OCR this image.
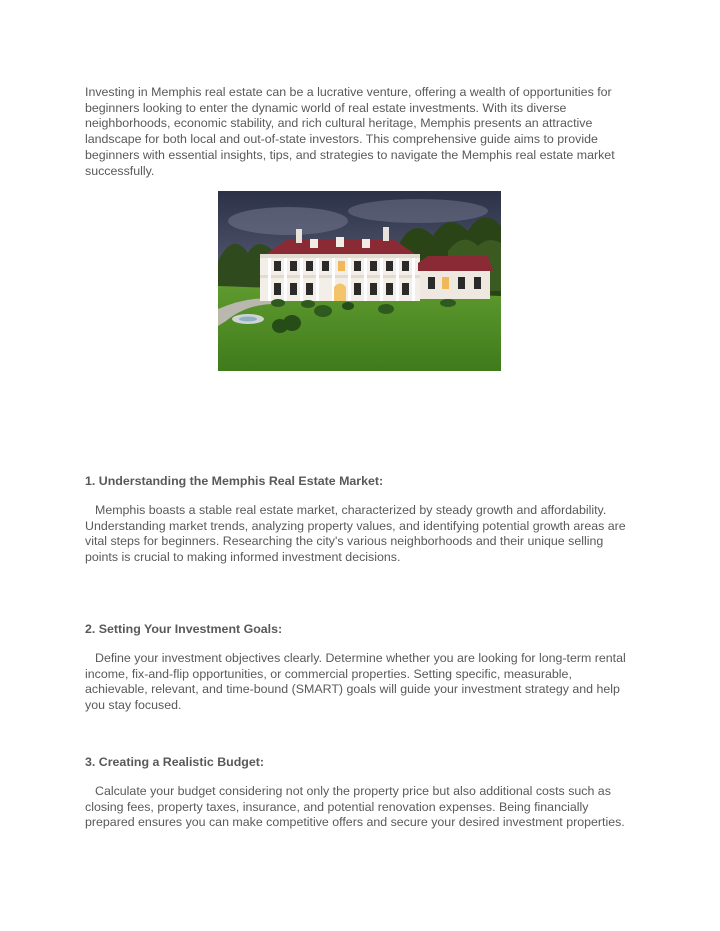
Investing in Memphis real estate can be a lucrative venture, offering a wealth of opportunities for beginners looking to enter the dynamic world of real estate investments. With its diverse neighborhoods, economic stability, and rich cultural heritage, Memphis presents an attractive landscape for both local and out-of-state investors. This comprehensive guide aims to provide beginners with essential insights, tips, and strategies to navigate the Memphis real estate market successfully.

1. Understanding the Memphis Real Estate Market:

Memphis boasts a stable real estate market, characterized by steady growth and affordability. Understanding market trends, analyzing property values, and identifying potential growth areas are vital steps for beginners. Researching the city's various neighborhoods and their unique selling points is crucial to making informed investment decisions.

2. Setting Your Investment Goals:

Define your investment objectives clearly. Determine whether you are looking for long-term rental income, fix-and-flip opportunities, or commercial properties. Setting specific, measurable, achievable, relevant, and time-bound (SMART) goals will guide your investment strategy and help you stay focused.

3. Creating a Realistic Budget:

Calculate your budget considering not only the property price but also additional costs such as closing fees, property taxes, insurance, and potential renovation expenses. Being financially prepared ensures you can make competitive offers and secure your desired investment properties.
